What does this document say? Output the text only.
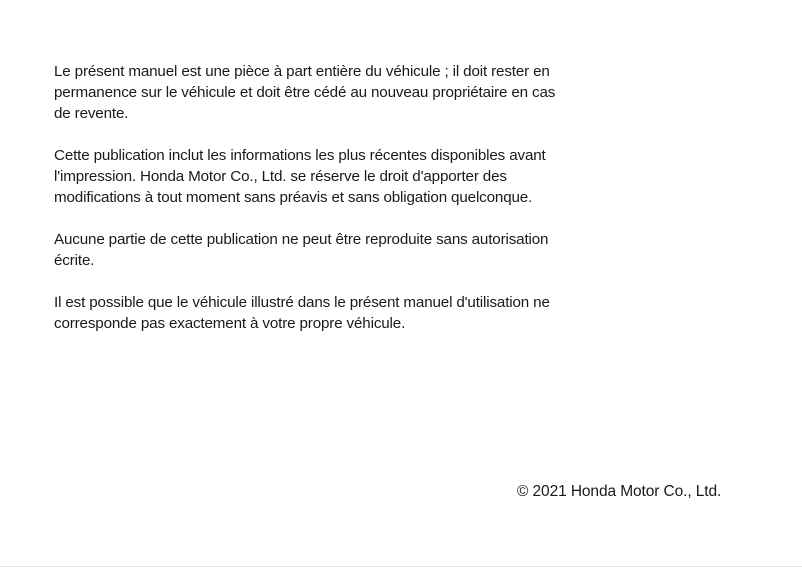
Le présent manuel est une pièce à part entière du véhicule ; il doit rester en permanence sur le véhicule et doit être cédé au nouveau propriétaire en cas de revente.

Cette publication inclut les informations les plus récentes disponibles avant l'impression. Honda Motor Co., Ltd. se réserve le droit d'apporter des modifications à tout moment sans préavis et sans obligation quelconque.

Aucune partie de cette publication ne peut être reproduite sans autorisation écrite.

Il est possible que le véhicule illustré dans le présent manuel d'utilisation ne corresponde pas exactement à votre propre véhicule.

© 2021 Honda Motor Co., Ltd.
